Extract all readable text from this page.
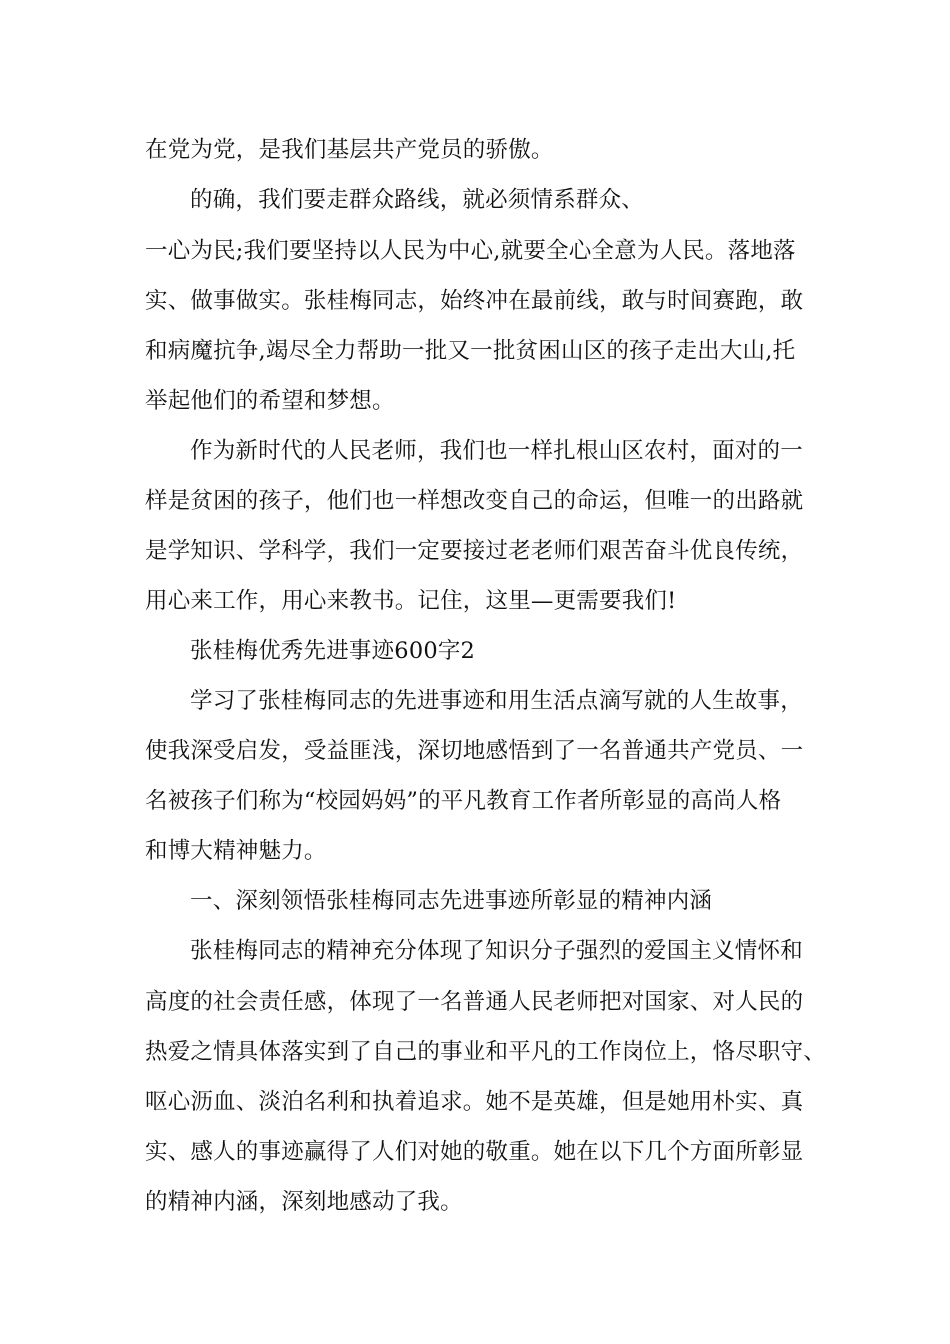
在党为党，是我们基层共产党员的骄傲。
的确，我们要走群众路线，就必须情系群众、
一心为民;我们要坚持以人民为中心,就要全心全意为人民。落地落
实、做事做实。张桂梅同志，始终冲在最前线，敢与时间赛跑，敢
和病魔抗争,竭尽全力帮助一批又一批贫困山区的孩子走出大山,托
举起他们的希望和梦想。
作为新时代的人民老师，我们也一样扎根山区农村，面对的一
样是贫困的孩子，他们也一样想改变自己的命运，但唯一的出路就
是学知识、学科学，我们一定要接过老老师们艰苦奋斗优良传统，
用心来工作，用心来教书。记住，这里—更需要我们!
张桂梅优秀先进事迹600字2
学习了张桂梅同志的先进事迹和用生活点滴写就的人生故事，
使我深受启发，受益匪浅，深切地感悟到了一名普通共产党员、一
名被孩子们称为“校园妈妈”的平凡教育工作者所彰显的高尚人格
和博大精神魅力。
一、深刻领悟张桂梅同志先进事迹所彰显的精神内涵
张桂梅同志的精神充分体现了知识分子强烈的爱国主义情怀和
高度的社会责任感，体现了一名普通人民老师把对国家、对人民的
热爱之情具体落实到了自己的事业和平凡的工作岗位上，恪尽职守、
呕心沥血、淡泊名利和执着追求。她不是英雄，但是她用朴实、真
实、感人的事迹赢得了人们对她的敬重。她在以下几个方面所彰显
的精神内涵，深刻地感动了我。
